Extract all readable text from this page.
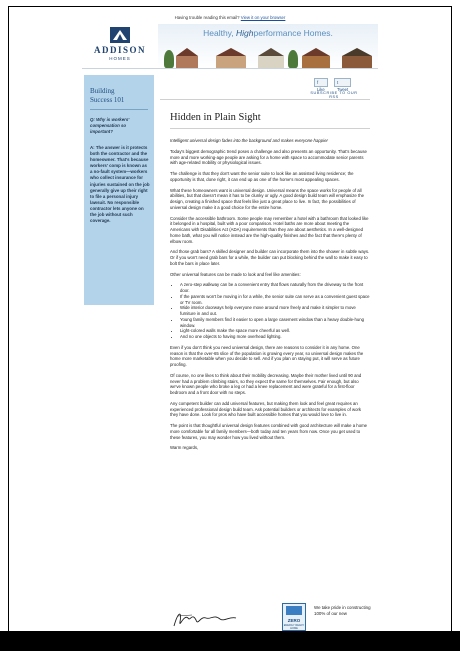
Having trouble reading this email? View it on your browser
ADDISON
HOMES
Healthy, Highperformance Homes.
Building
Success 101
Q: Why is workers' compensation so important?
A: The answer is it protects both the contractor and the homeowner. That's because workers' comp is known as a no-fault system—workers who collect insurance for injuries sustained on the job generally give up their right to file a personal injury lawsuit. No responsible contractor lets anyone on the job without such coverage.
f Like
t Tweet
SUBSCRIBE TO OUR RSS
Hidden in Plain Sight

Intelligent universal design fades into the background and makes everyone happier

Today's biggest demographic trend poses a challenge and also presents an opportunity. That's because more and more working-age people are asking for a home with space to accommodate senior parents with age-related mobility or physiological issues.

The challenge is that they don't want the senior suite to look like an assisted living residence; the opportunity is that, done right, it can end up as one of the home's most appealing spaces.

What these homeowners want is universal design. Universal means the space works for people of all abilities, but that doesn't mean it has to be clunky or ugly. A good design build team will emphasize the design, creating a finished space that feels like just a great place to live. In fact, the possibilities of universal design make it a good choice for the entire home.

Consider the accessible bathroom. Some people may remember a hotel with a bathroom that looked like it belonged in a hospital, built with a poor comparison. Hotel baths are more about meeting the Americans with Disabilities Act (ADA) requirements than they are about aesthetics. In a well-designed home bath, what you will notice instead are the high-quality finishes and the fact that there's plenty of elbow room.

And those grab bars? A skilled designer and builder can incorporate them into the shower in subtle ways. Or if you won't need grab bars for a while, the builder can put blocking behind the wall to make it easy to bolt the bars in place later.

Other universal features can be made to look and feel like amenities:

• A zero-step walkway can be a convenient entry that flows naturally from the driveway to the front door.
• If the parents won't be moving in for a while, the senior suite can serve as a convenient guest space or TV room.
• Wide interior doorways help everyone move around more freely and make it simpler to move furniture in and out.
• Young family members find it easier to open a large casement window than a heavy double-hung window.
• Light-colored walls make the space more cheerful as well.
• And no one objects to having more overhead lighting.

Even if you don't think you need universal design, there are reasons to consider it in any home. One reason is that the over-65 slice of the population is growing every year, so universal design makes the home more marketable when you decide to sell. And if you plan on staying put, it will serve as future proofing.

Of course, no one likes to think about their mobility decreasing. Maybe their mother lived until 90 and never had a problem climbing stairs, so they expect the same for themselves. Fair enough, but also we've known people who broke a leg or had a knee replacement and were grateful for a first-floor bedroom and a front door with no steps.

Any competent builder can add universal features, but making them look and feel great requires an experienced professional design build team. Ask potential builders or architects for examples of work they have done. Look for pros who have built accessible homes that you would love to live in.

The point is that thoughtful universal design features combined with good architecture will make a home more comfortable for all family members—both today and ten years from now. Once you get used to these features, you may wonder how you lived without them.

Warm regards,

ZERO
ENERGY READY HOME
We take pride in constructing 100% of our new
